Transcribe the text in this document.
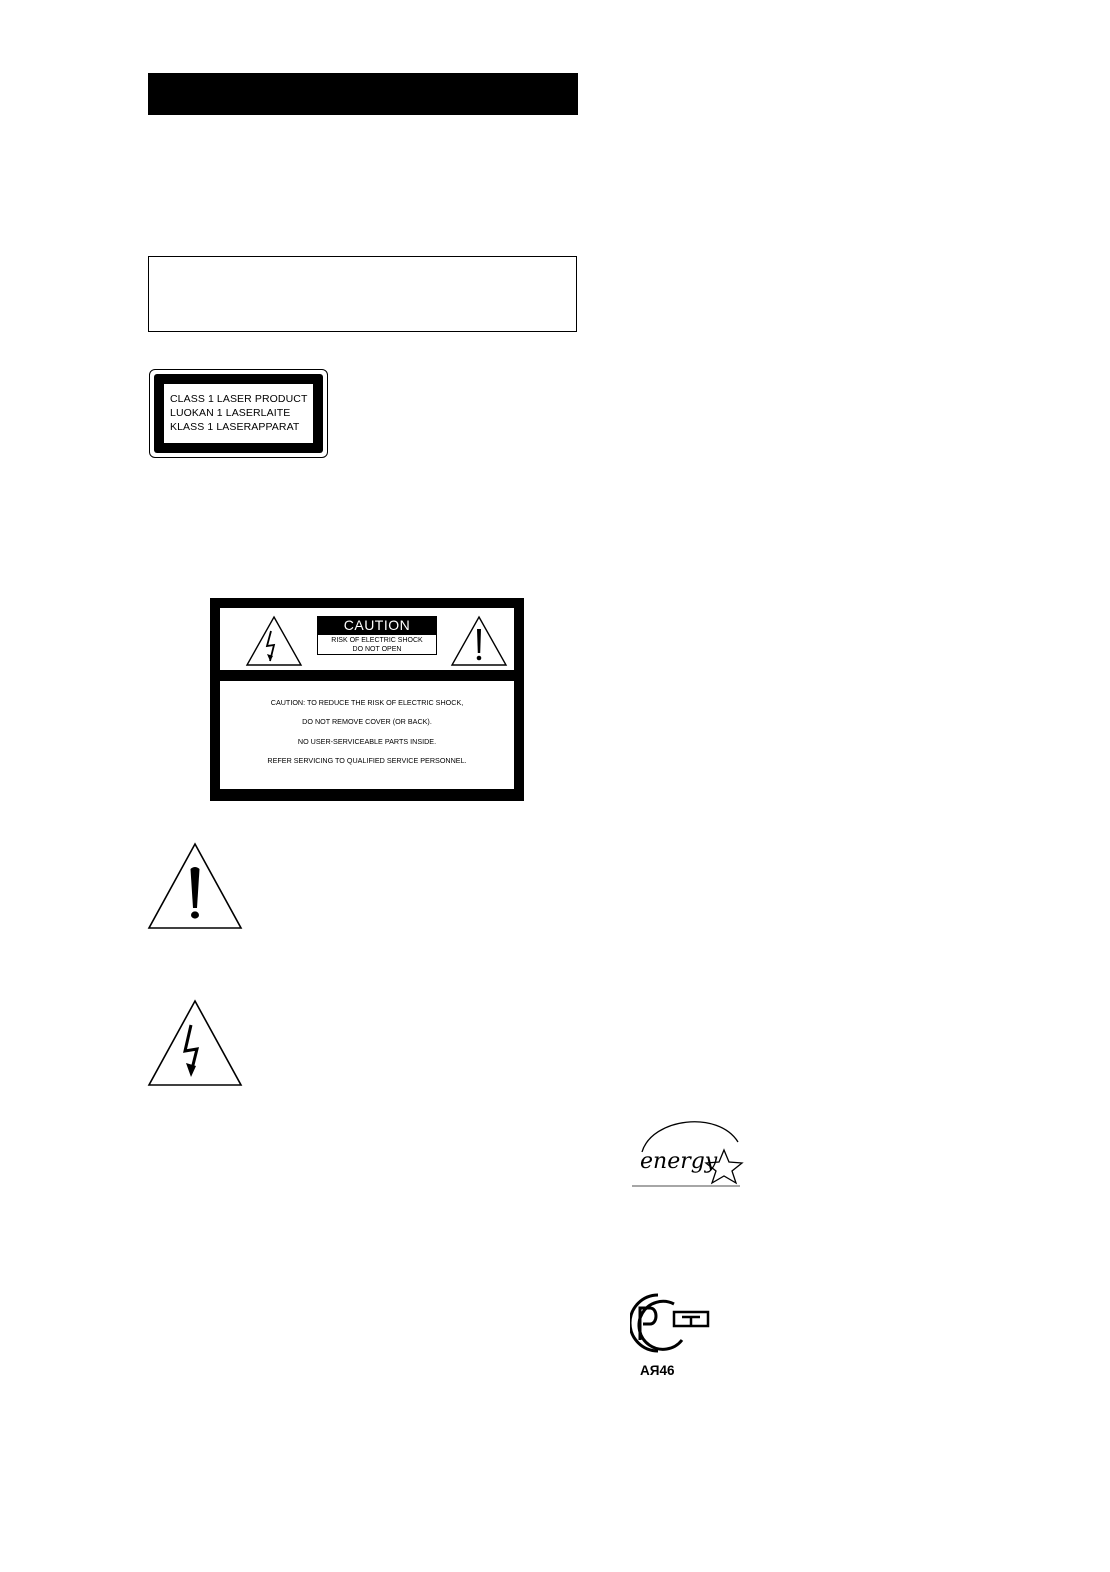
CLASS 1 LASER PRODUCT
LUOKAN 1 LASERLAITE
KLASS 1 LASERAPPARAT
CAUTION
RISK OF ELECTRIC SHOCK
DO NOT OPEN
CAUTION: TO REDUCE THE RISK OF ELECTRIC SHOCK,
DO NOT REMOVE COVER (OR BACK).
NO USER-SERVICEABLE PARTS INSIDE.
REFER SERVICING TO QUALIFIED SERVICE PERSONNEL.
energy
АЯ46
